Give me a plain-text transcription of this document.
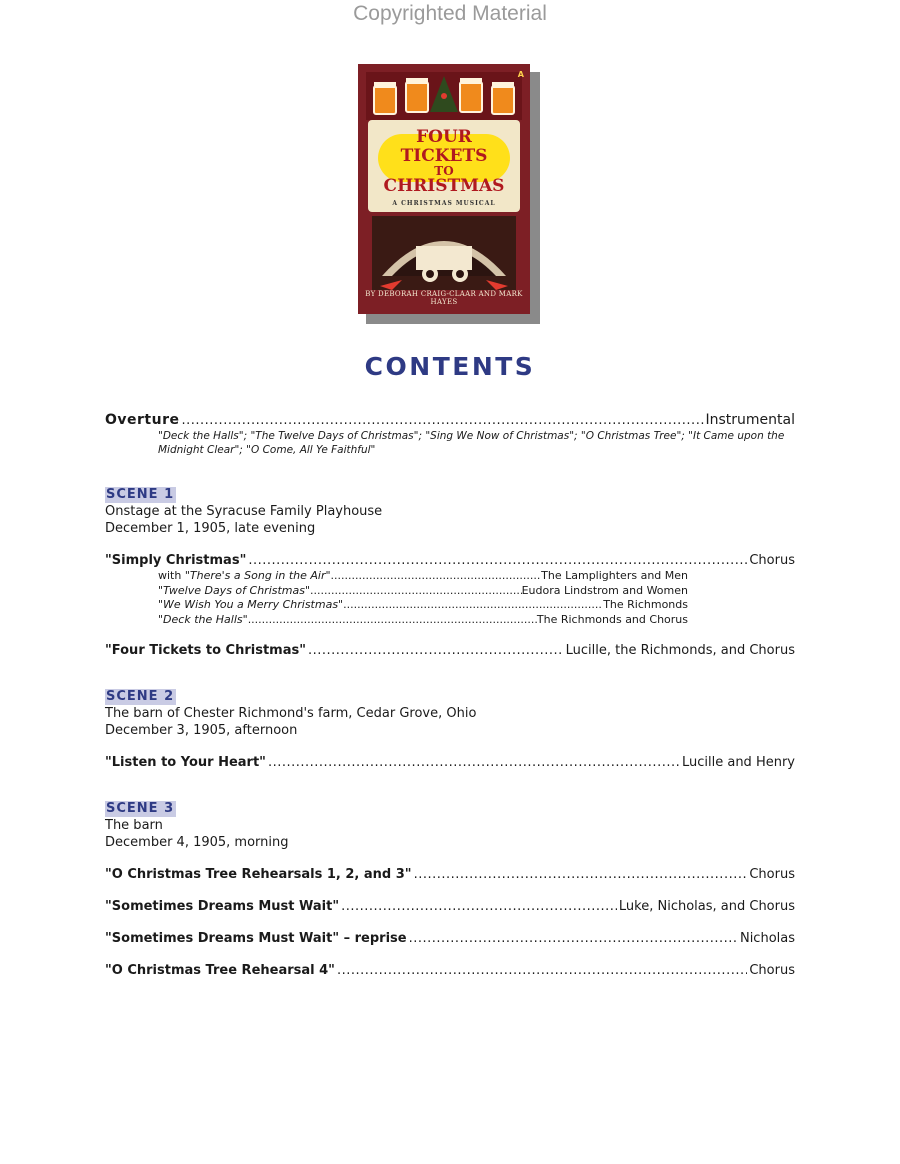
Copyrighted Material
A
FOUR
TICKETS
TO
CHRISTMAS
A CHRISTMAS MUSICAL
BY DEBORAH CRAIG-CLAAR AND MARK HAYES
CONTENTS
Overture .....	Instrumental
"Deck the Halls"; "The Twelve Days of Christmas"; "Sing We Now of Christmas"; "O Christmas Tree"; "It Came upon the Midnight Clear"; "O Come, All Ye Faithful"
SCENE 1
Onstage at the Syracuse Family Playhouse
December 1, 1905, late evening
"Simply Christmas" .....	Chorus
with "There's a Song in the Air" .....	The Lamplighters and Men
"Twelve Days of Christmas" .....	Eudora Lindstrom and Women
"We Wish You a Merry Christmas" .....	The Richmonds
"Deck the Halls" .....	The Richmonds and Chorus
"Four Tickets to Christmas" .....	Lucille, the Richmonds, and Chorus
SCENE 2
The barn of Chester Richmond's farm, Cedar Grove, Ohio
December 3, 1905, afternoon
"Listen to Your Heart" .....	Lucille and Henry
SCENE 3
The barn
December 4, 1905, morning
"O Christmas Tree Rehearsals 1, 2, and 3" .....	Chorus
"Sometimes Dreams Must Wait" .....	Luke, Nicholas, and Chorus
"Sometimes Dreams Must Wait" – reprise .....	Nicholas
"O Christmas Tree Rehearsal 4" .....	Chorus
